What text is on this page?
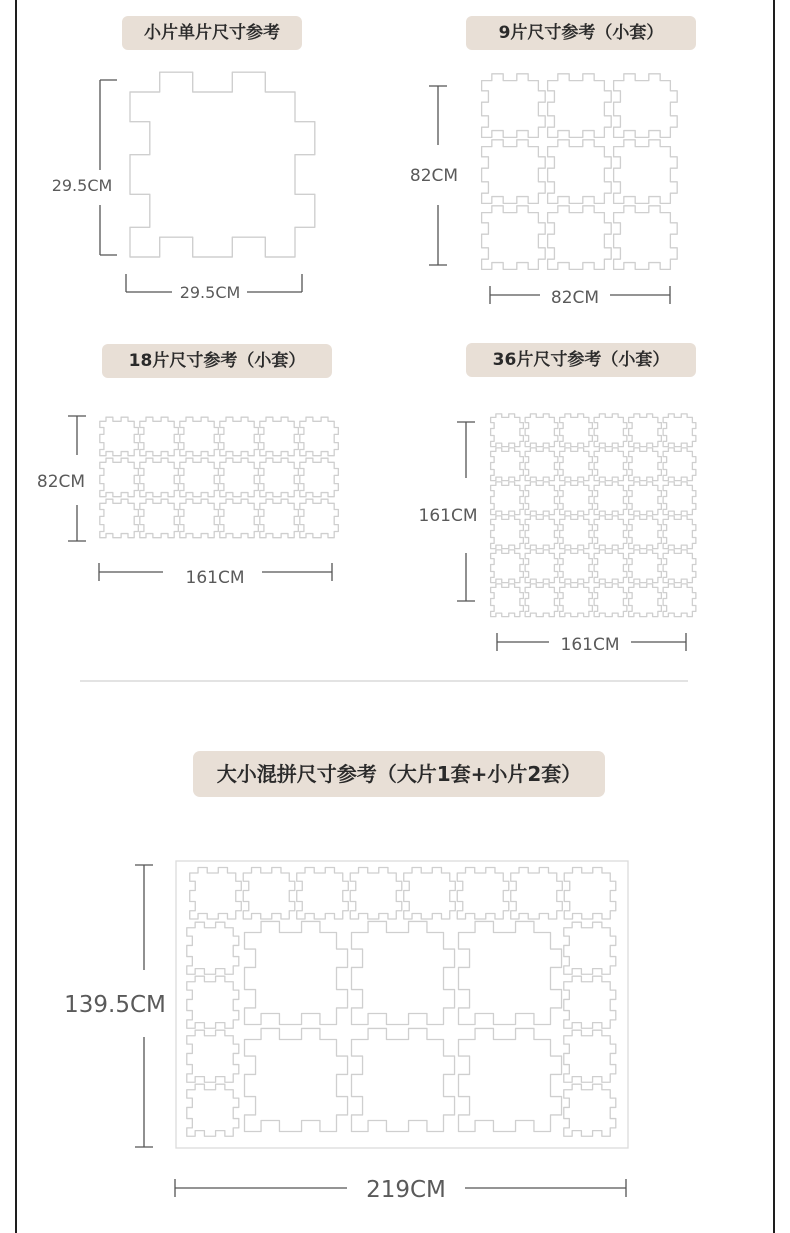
小片单片尺寸参考	9片尺寸参考（小套）
18片尺寸参考（小套）	36片尺寸参考（小套）
大小混拼尺寸参考（大片1套+小片2套）
29.5CM
29.5CM
82CM
82CM
82CM
161CM
161CM
161CM
139.5CM
219CM
